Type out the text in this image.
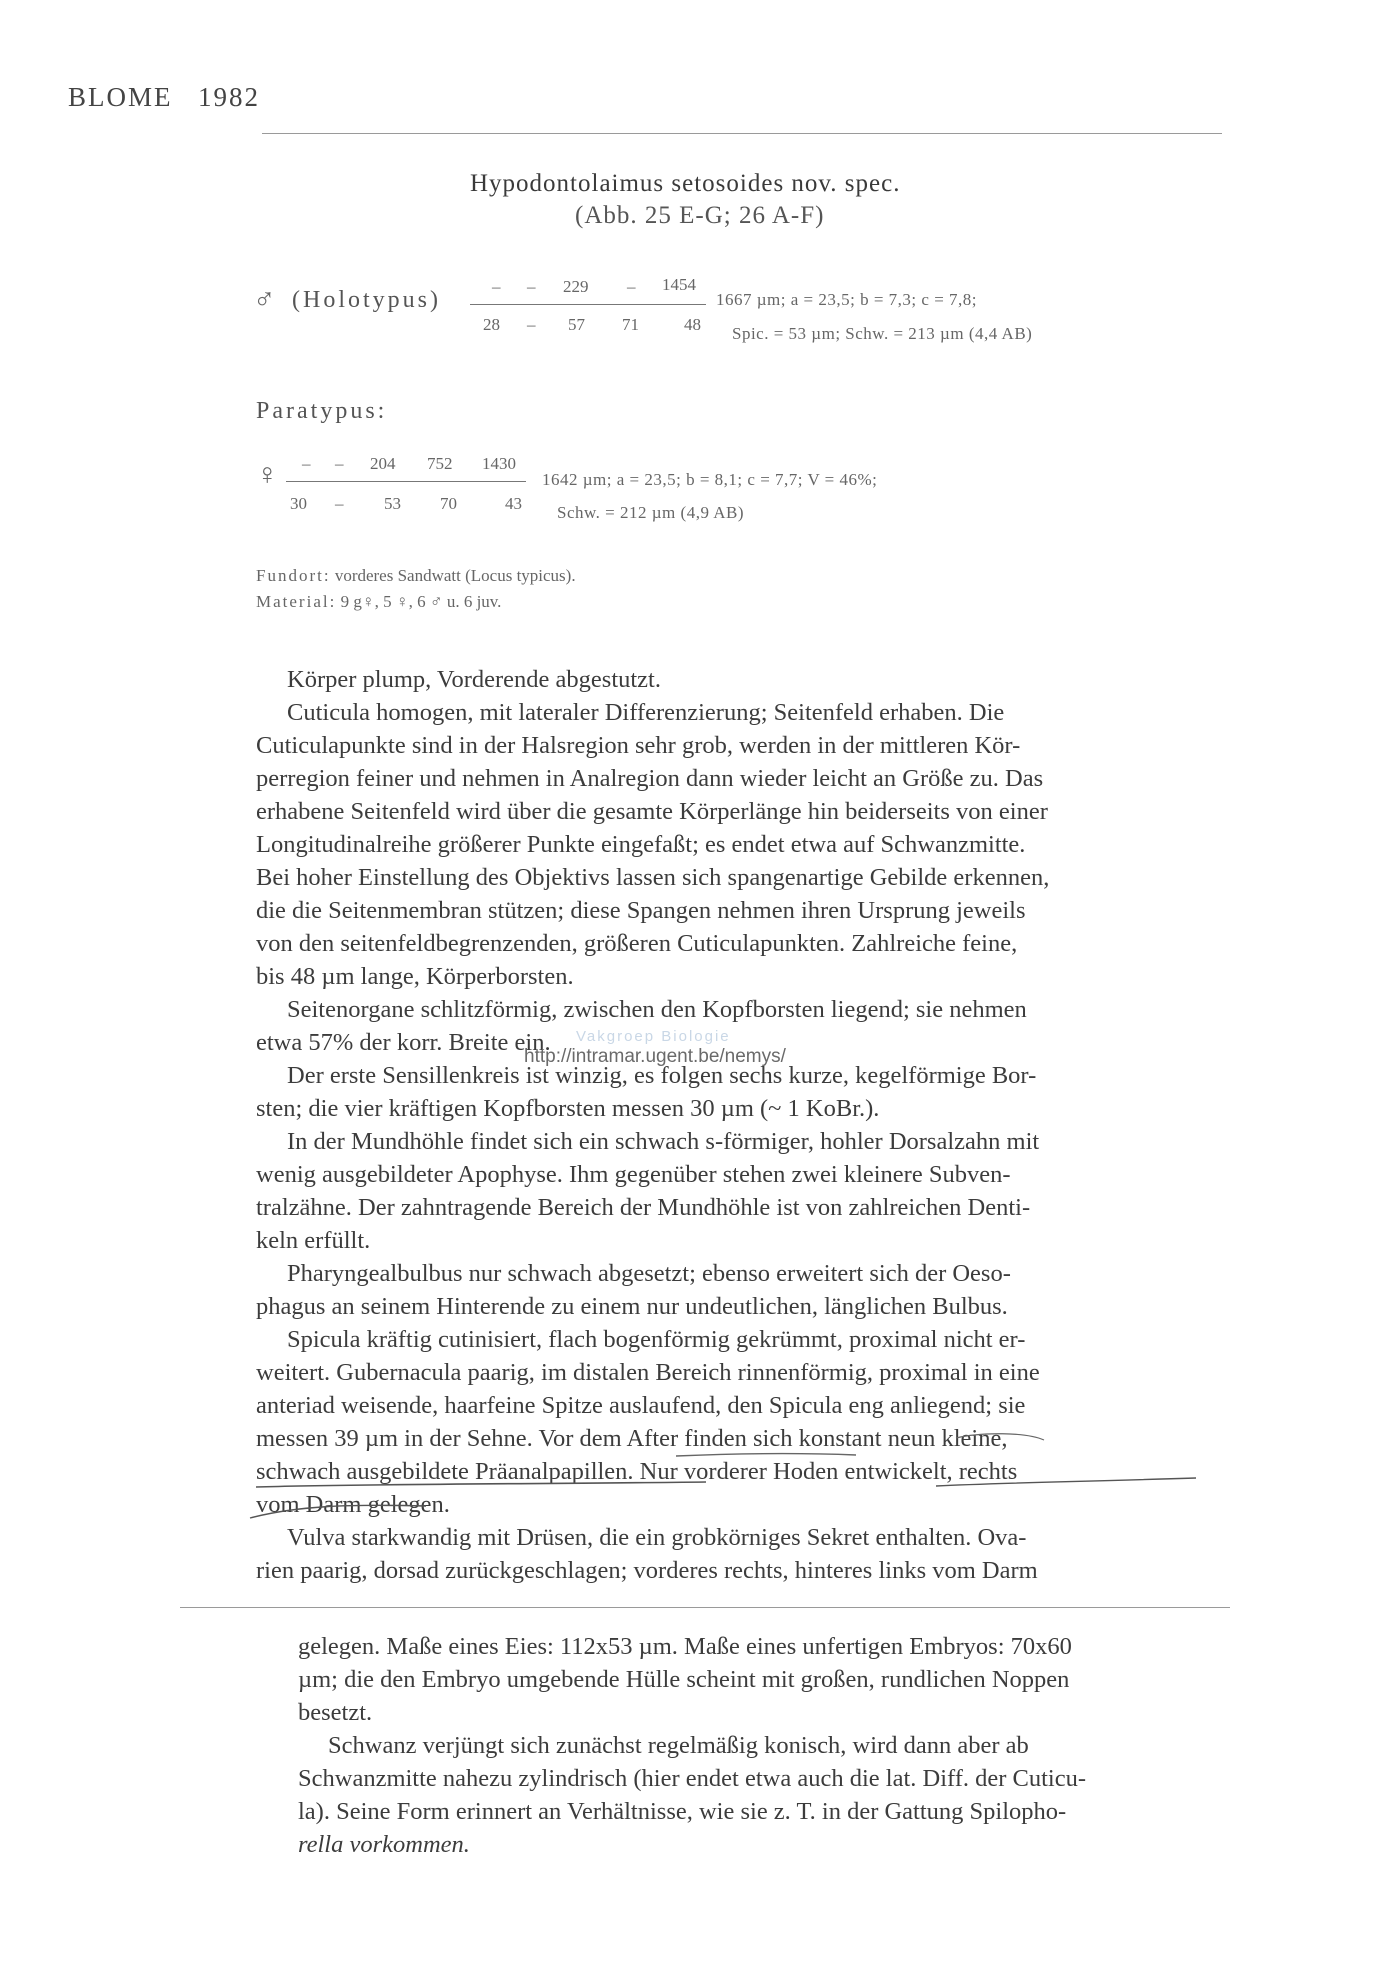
BLOME 1982
Hypodontolaimus setosoides nov. spec.
(Abb. 25 E-G; 26 A-F)
♂ (Holotypus)
– – 229 – 1454
28 – 57 71	48
1667 µm; a = 23,5; b = 7,3; c = 7,8;
Spic. = 53 µm; Schw. = 213 µm (4,4 AB)
Paratypus:
♀ – – 204 752 1430
30 – 53 70	43
1642 µm; a = 23,5; b = 8,1; c = 7,7; V = 46%;
Schw. = 212 µm (4,9 AB)
Fundort: vorderes Sandwatt (Locus typicus).
Material: 9 g♀, 5 ♀, 6 ♂ u. 6 juv.
Körper plump, Vorderende abgestutzt.
Cuticula homogen, mit lateraler Differenzierung; Seitenfeld erhaben. Die
Cuticulapunkte sind in der Halsregion sehr grob, werden in der mittleren Kör-
perregion feiner und nehmen in Analregion dann wieder leicht an Größe zu. Das
erhabene Seitenfeld wird über die gesamte Körperlänge hin beiderseits von einer
Longitudinalreihe größerer Punkte eingefaßt; es endet etwa auf Schwanzmitte.
Bei hoher Einstellung des Objektivs lassen sich spangenartige Gebilde erkennen,
die die Seitenmembran stützen; diese Spangen nehmen ihren Ursprung jeweils
von den seitenfeldbegrenzenden, größeren Cuticulapunkten. Zahlreiche feine,
bis 48 µm lange, Körperborsten.
Seitenorgane schlitzförmig, zwischen den Kopfborsten liegend; sie nehmen
etwa 57% der korr. Breite ein.
Der erste Sensillenkreis ist winzig, es folgen sechs kurze, kegelförmige Bor-
sten; die vier kräftigen Kopfborsten messen 30 µm (~ 1 KoBr.).
In der Mundhöhle findet sich ein schwach s-förmiger, hohler Dorsalzahn mit
wenig ausgebildeter Apophyse. Ihm gegenüber stehen zwei kleinere Subven-
tralzähne. Der zahntragende Bereich der Mundhöhle ist von zahlreichen Denti-
keln erfüllt.
Pharyngealbulbus nur schwach abgesetzt; ebenso erweitert sich der Oeso-
phagus an seinem Hinterende zu einem nur undeutlichen, länglichen Bulbus.
Spicula kräftig cutinisiert, flach bogenförmig gekrümmt, proximal nicht er-
weitert. Gubernacula paarig, im distalen Bereich rinnenförmig, proximal in eine
anteriad weisende, haarfeine Spitze auslaufend, den Spicula eng anliegend; sie
messen 39 µm in der Sehne. Vor dem After finden sich konstant neun kleine,
schwach ausgebildete Präanalpapillen. Nur vorderer Hoden entwickelt, rechts
vom Darm gelegen.
Vulva starkwandig mit Drüsen, die ein grobkörniges Sekret enthalten. Ova-
rien paarig, dorsad zurückgeschlagen; vorderes rechts, hinteres links vom Darm
Vakgroep Biologie
http://intramar.ugent.be/nemys/
gelegen. Maße eines Eies: 112x53 µm. Maße eines unfertigen Embryos: 70x60
µm; die den Embryo umgebende Hülle scheint mit großen, rundlichen Noppen
besetzt.
Schwanz verjüngt sich zunächst regelmäßig konisch, wird dann aber ab
Schwanzmitte nahezu zylindrisch (hier endet etwa auch die lat. Diff. der Cuticu-
la). Seine Form erinnert an Verhältnisse, wie sie z. T. in der Gattung Spilopho-
rella vorkommen.
